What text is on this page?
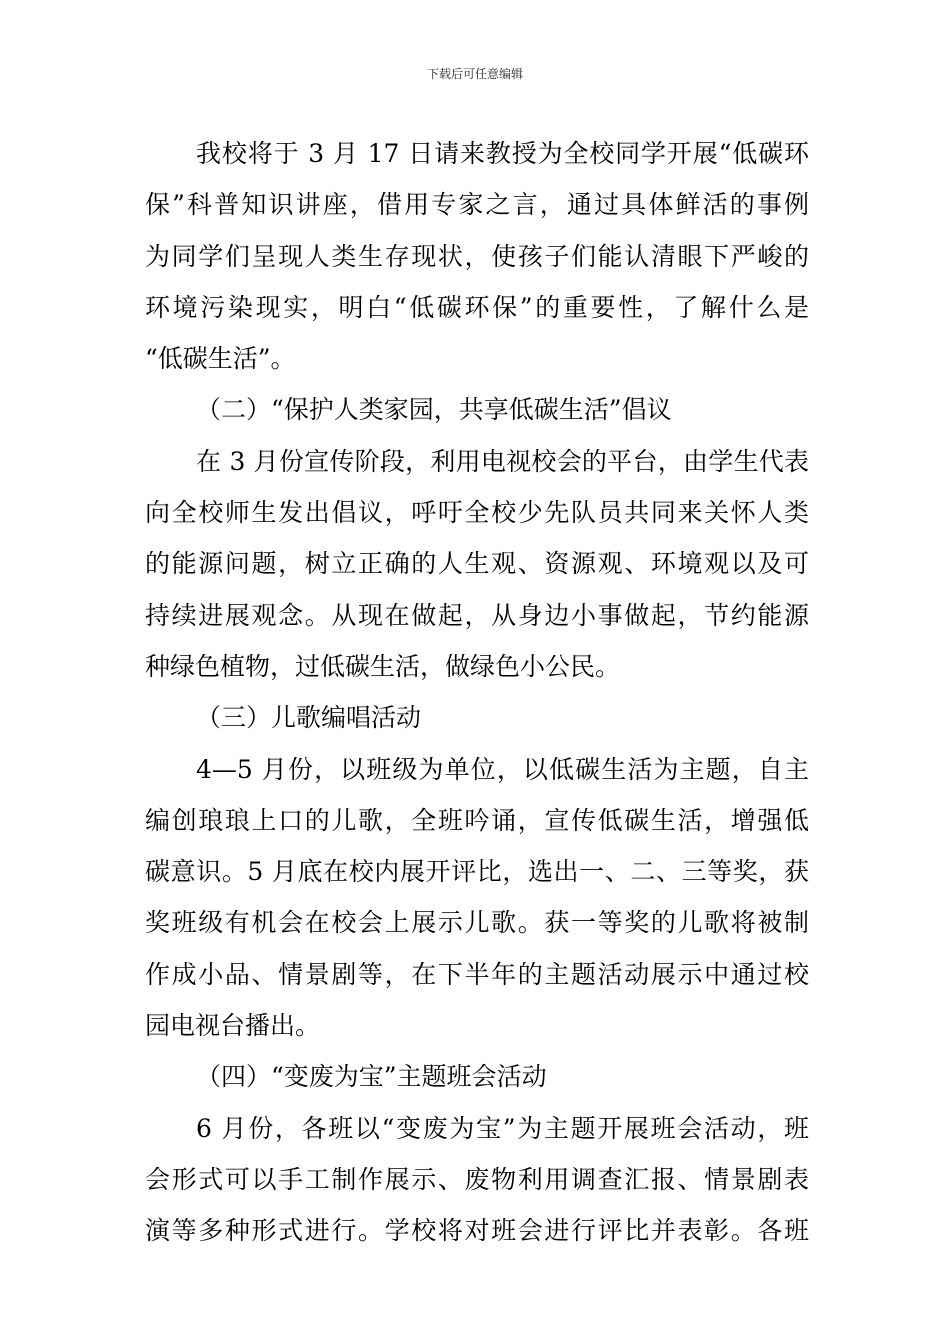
下载后可任意编辑
我校将于 3 月 17 日请来教授为全校同学开展“低碳环
保”科普知识讲座，借用专家之言，通过具体鲜活的事例
为同学们呈现人类生存现状，使孩子们能认清眼下严峻的
环境污染现实，明白“低碳环保”的重要性，了解什么是
“低碳生活”。
（二）“保护人类家园，共享低碳生活”倡议
在 3 月份宣传阶段，利用电视校会的平台，由学生代表
向全校师生发出倡议，呼吁全校少先队员共同来关怀人类
的能源问题，树立正确的人生观、资源观、环境观以及可
持续进展观念。从现在做起，从身边小事做起，节约能源
种绿色植物，过低碳生活，做绿色小公民。
（三）儿歌编唱活动
4—5 月份，以班级为单位，以低碳生活为主题，自主
编创琅琅上口的儿歌，全班吟诵，宣传低碳生活，增强低
碳意识。5 月底在校内展开评比，选出一、二、三等奖，获
奖班级有机会在校会上展示儿歌。获一等奖的儿歌将被制
作成小品、情景剧等，在下半年的主题活动展示中通过校
园电视台播出。
（四）“变废为宝”主题班会活动
6 月份，各班以“变废为宝”为主题开展班会活动，班
会形式可以手工制作展示、废物利用调查汇报、情景剧表
演等多种形式进行。学校将对班会进行评比并表彰。各班
